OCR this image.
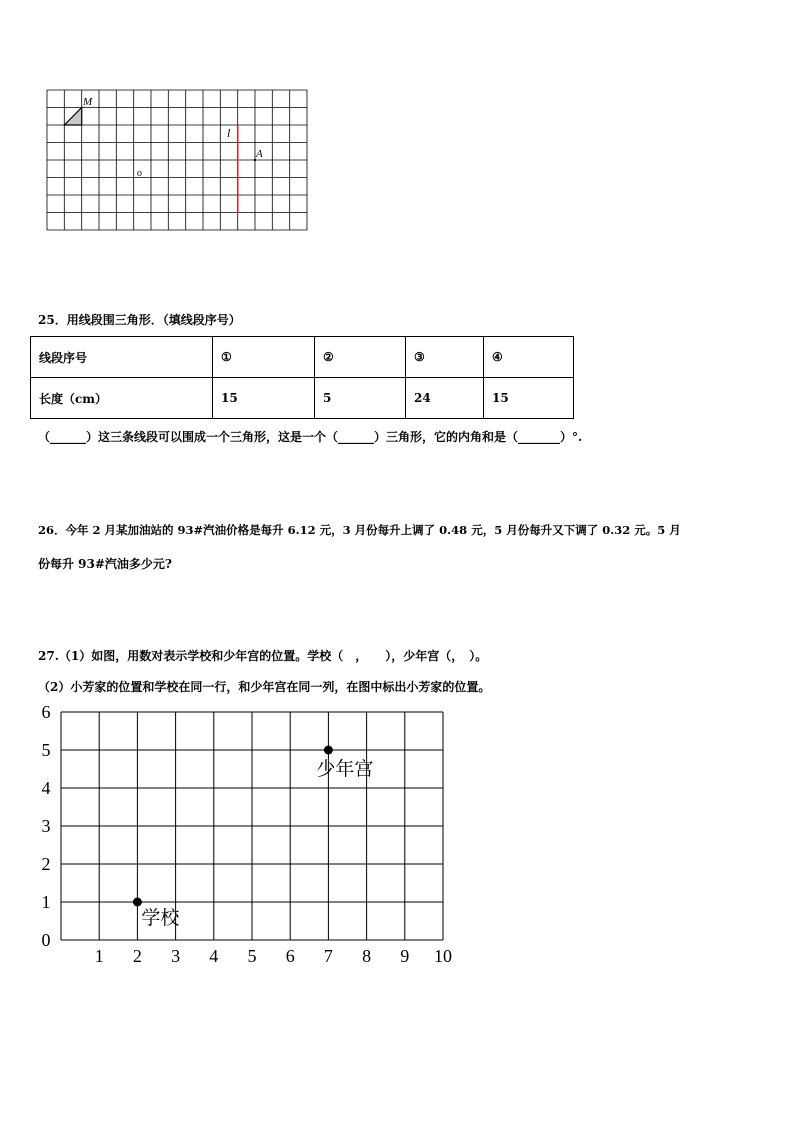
M
l
A
o
25．用线段围三角形．（填线段序号）
线段序号	①	②	③	④
长度（cm）	15	5	24	15
（______）这三条线段可以围成一个三角形，这是一个（______）三角形，它的内角和是（_______）°.
26．今年 2 月某加油站的 93#汽油价格是每升 6.12 元，3 月份每升上调了 0.48 元，5 月份每升又下调了 0.32 元。5 月
份每升 93#汽油多少元?
27.（1）如图，用数对表示学校和少年宫的位置。学校（　，　　），少年宫（，　）。
（2）小芳家的位置和学校在同一行，和少年宫在同一列，在图中标出小芳家的位置。
1 2 3 4 5 6 7 8 9 10
0
1
2
3
4
5
6
学校
少年宫
